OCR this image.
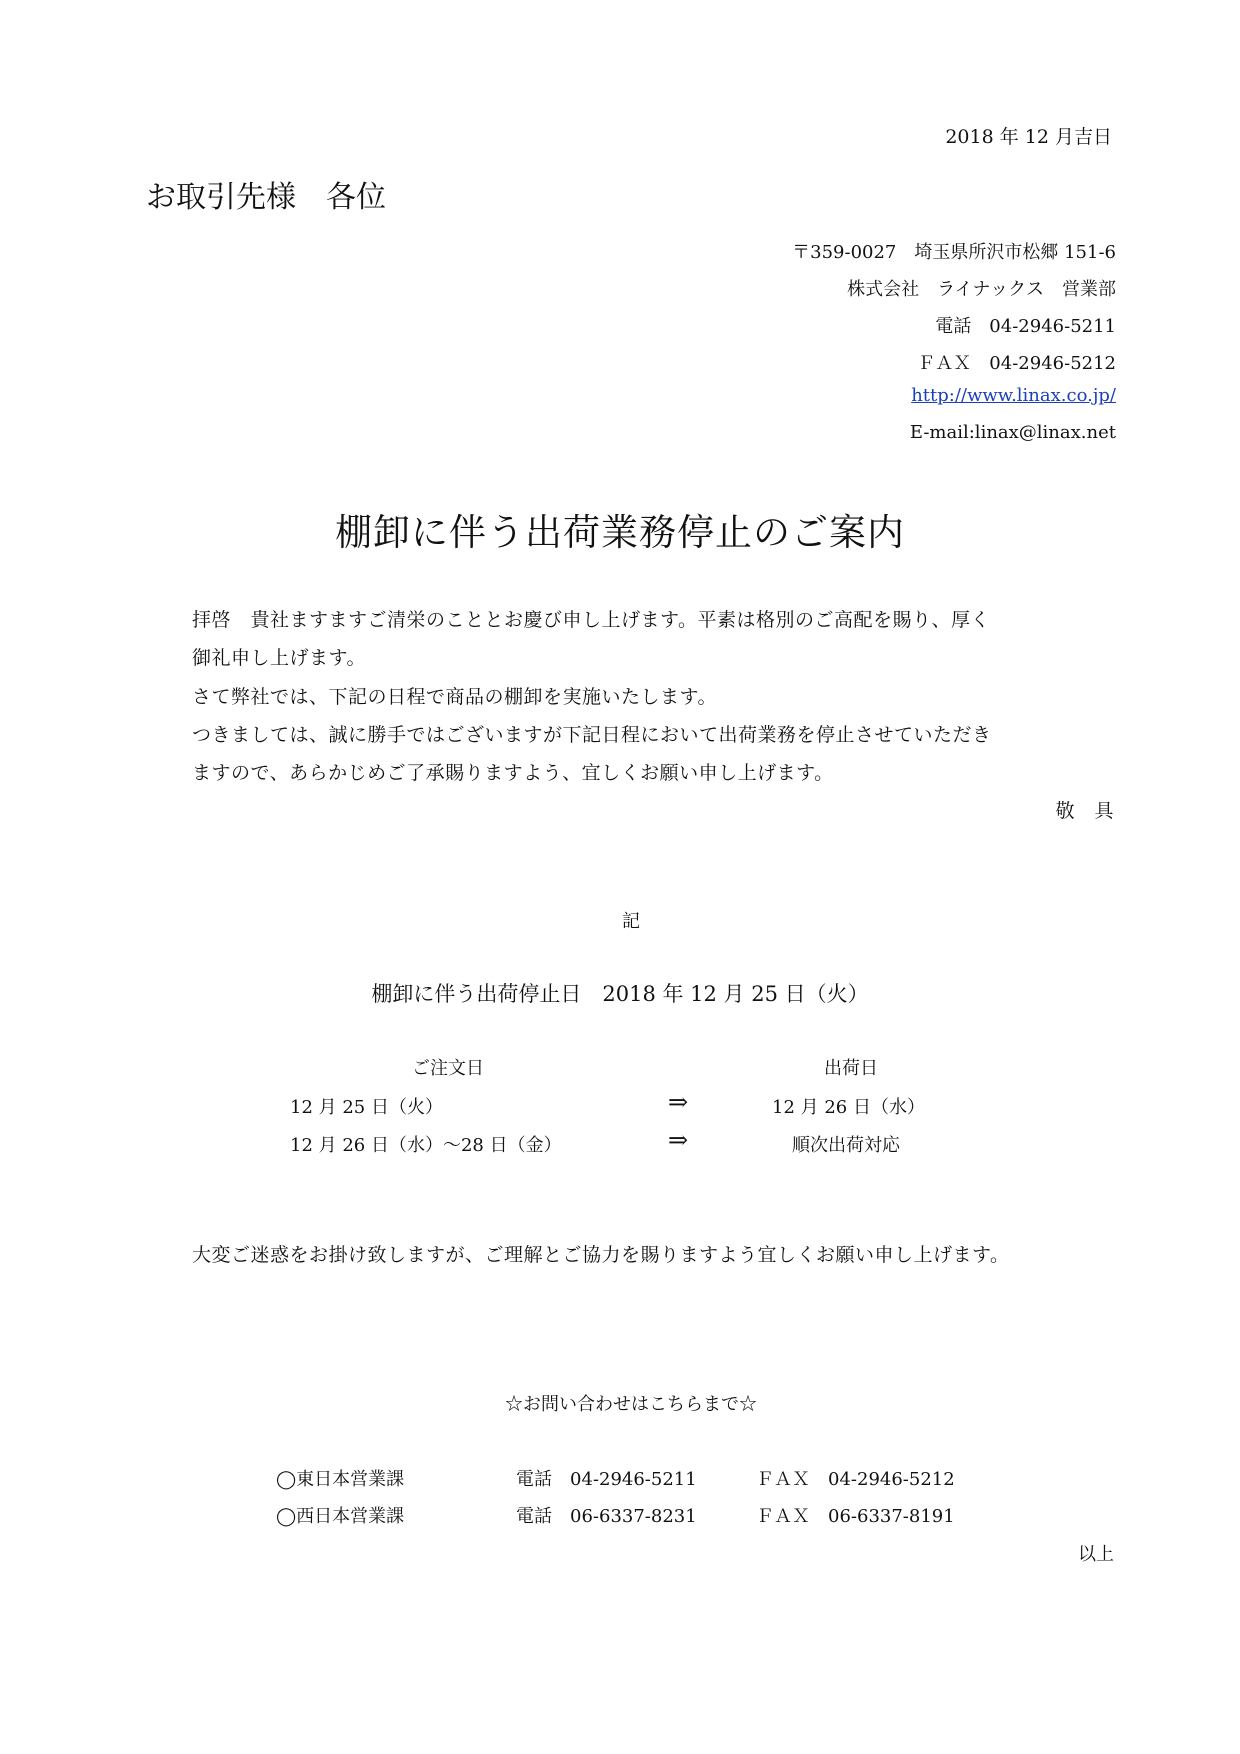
2018 年 12 月吉日
お取引先様　各位
〒359-0027　埼玉県所沢市松郷 151-6
株式会社　ライナックス　営業部
電話　04-2946-5211
ＦＡＸ　04-2946-5212
http://www.linax.co.jp/
E-mail:linax@linax.net
棚卸に伴う出荷業務停止のご案内
拝啓　貴社ますますご清栄のこととお慶び申し上げます。平素は格別のご高配を賜り、厚く
御礼申し上げます。
さて弊社では、下記の日程で商品の棚卸を実施いたします。
つきましては、誠に勝手ではございますが下記日程において出荷業務を停止させていただき
ますので、あらかじめご了承賜りますよう、宜しくお願い申し上げます。
敬　具
記
棚卸に伴う出荷停止日　2018 年 12 月 25 日（火）
ご注文日	出荷日
12 月 25 日（火）	⇒	12 月 26 日（水）
12 月 26 日（水）～28 日（金）	⇒	順次出荷対応
大変ご迷惑をお掛け致しますが、ご理解とご協力を賜りますよう宜しくお願い申し上げます。
☆お問い合わせはこちらまで☆
◯東日本営業課	電話　04-2946-5211	ＦＡＸ　04-2946-5212
◯西日本営業課	電話　06-6337-8231	ＦＡＸ　06-6337-8191
以上
